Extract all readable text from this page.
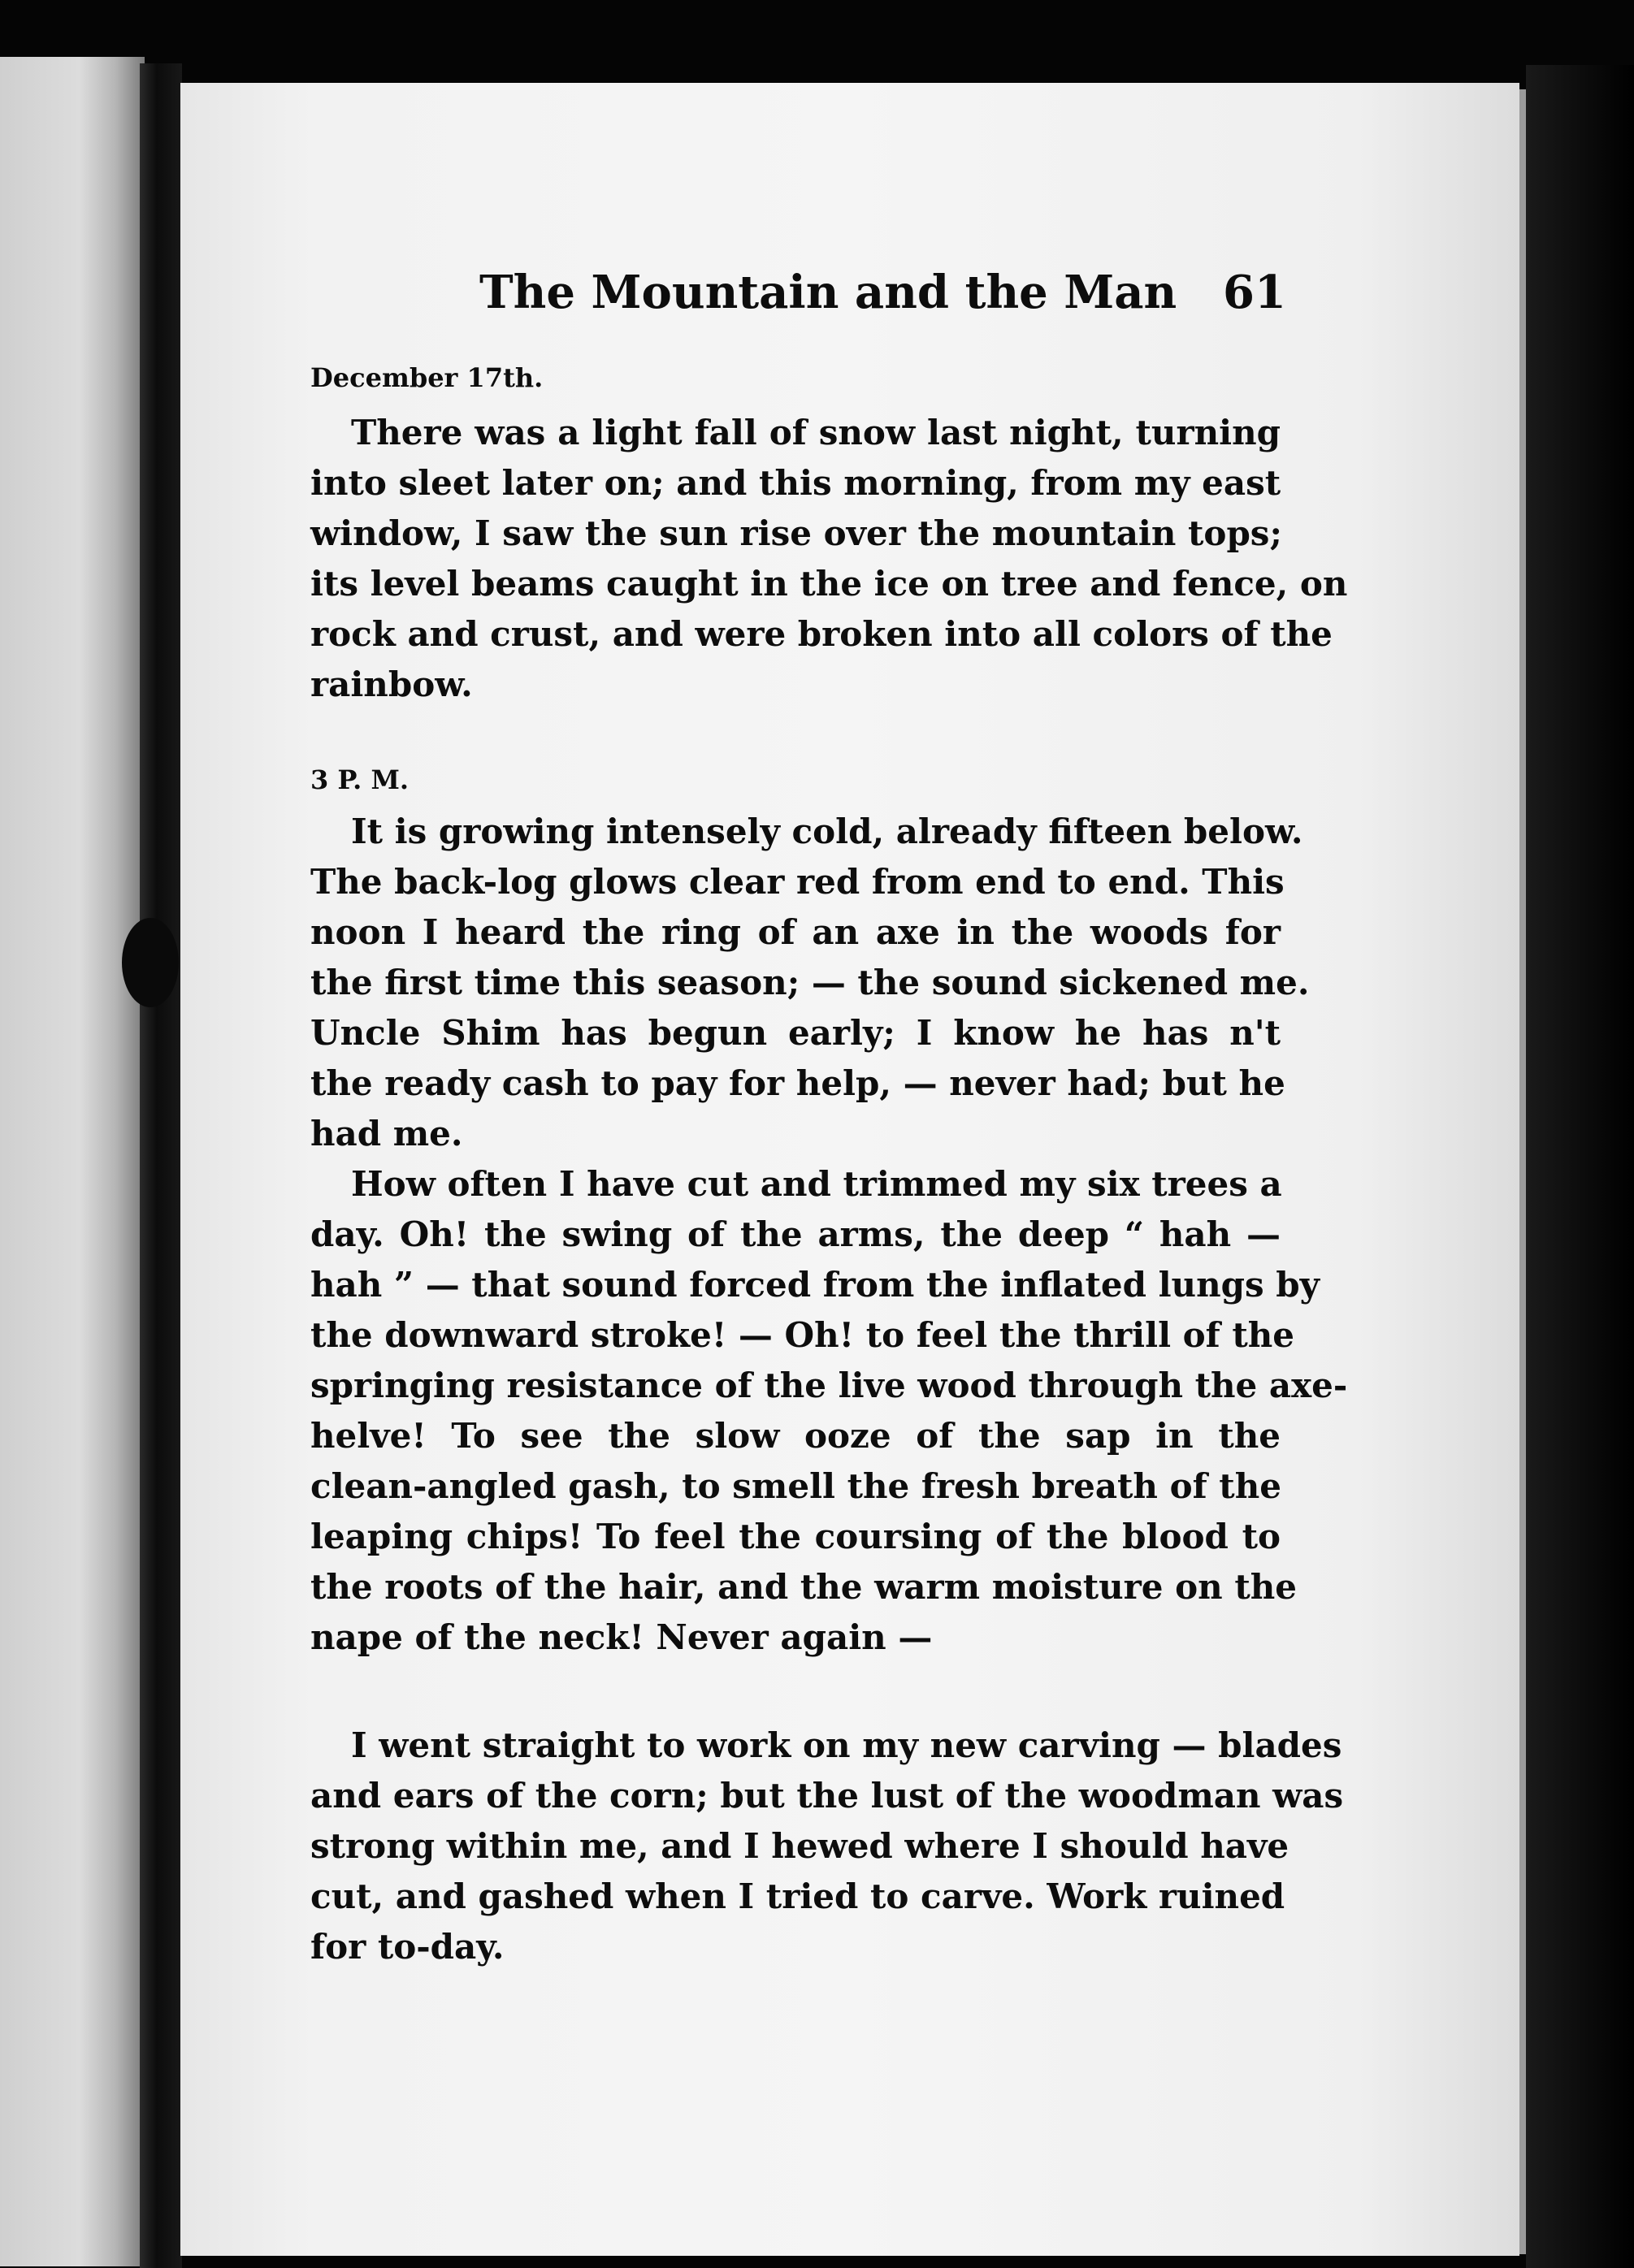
The Mountain and the Man 61
December 17th.
There was a light fall of snow last night, turning
into sleet later on; and this morning, from my east
window, I saw the sun rise over the mountain tops;
its level beams caught in the ice on tree and fence, on
rock and crust, and were broken into all colors of the
rainbow.
3 P. M.
It is growing intensely cold, already fifteen below.
The back-log glows clear red from end to end. This
noon I heard the ring of an axe in the woods for
the first time this season; — the sound sickened me.
Uncle Shim has begun early; I know he has n't
the ready cash to pay for help, — never had; but he
had me.
How often I have cut and trimmed my six trees a
day. Oh! the swing of the arms, the deep “ hah —
hah ” — that sound forced from the inflated lungs by
the downward stroke! — Oh! to feel the thrill of the
springing resistance of the live wood through the axe-
helve! To see the slow ooze of the sap in the
clean-angled gash, to smell the fresh breath of the
leaping chips! To feel the coursing of the blood to
the roots of the hair, and the warm moisture on the
nape of the neck! Never again —
I went straight to work on my new carving — blades
and ears of the corn; but the lust of the woodman was
strong within me, and I hewed where I should have
cut, and gashed when I tried to carve. Work ruined
for to-day.
